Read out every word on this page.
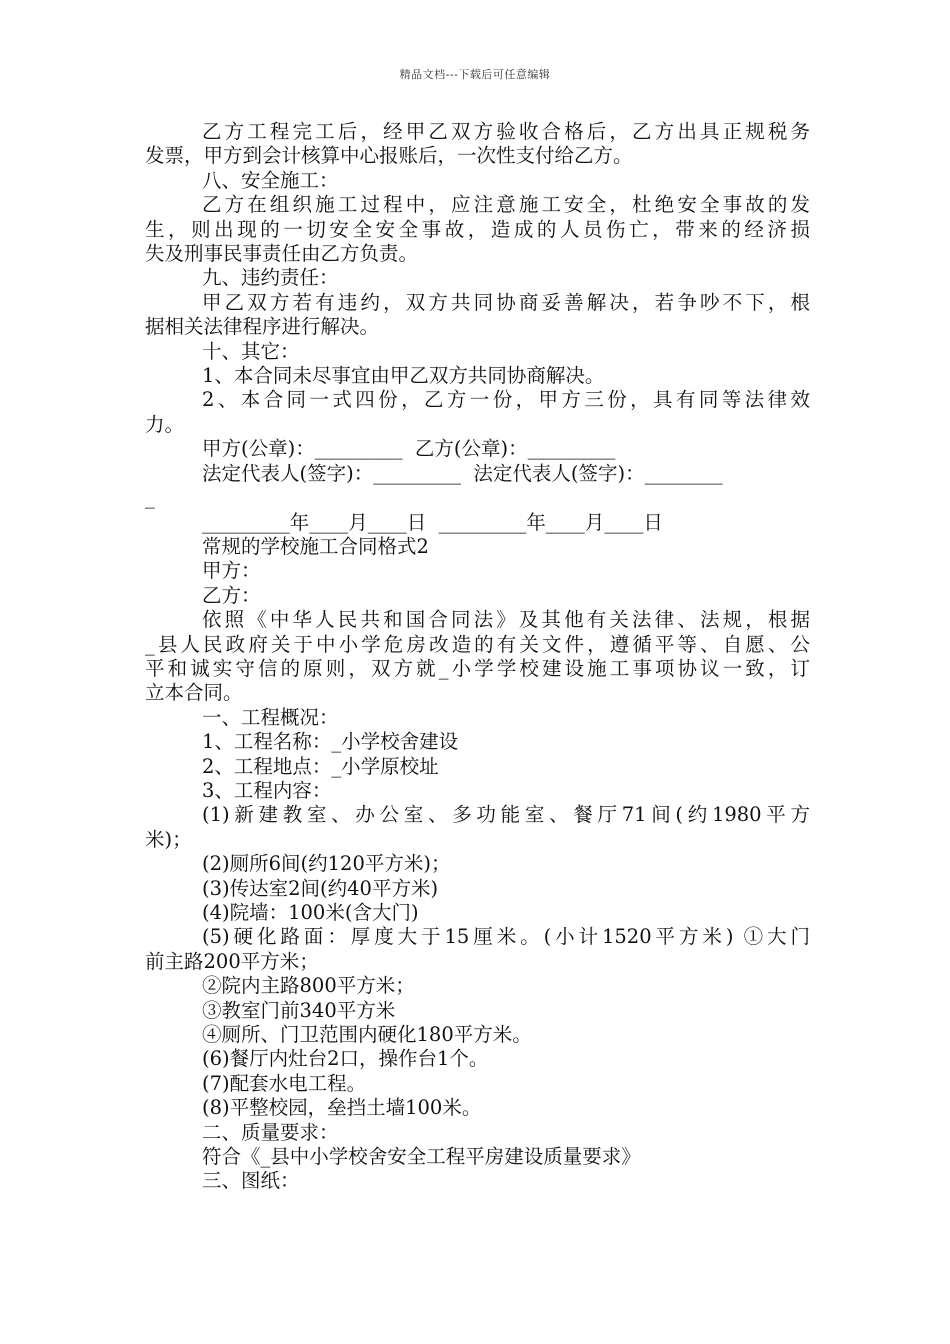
精品文档---下载后可任意编辑

乙方工程完工后，经甲乙双方验收合格后，乙方出具正规税务

发票，甲方到会计核算中心报账后，一次性支付给乙方。

八、安全施工：

乙方在组织施工过程中，应注意施工安全，杜绝安全事故的发

生，则出现的一切安全安全事故，造成的人员伤亡，带来的经济损

失及刑事民事责任由乙方负责。

九、违约责任：

甲乙双方若有违约，双方共同协商妥善解决，若争吵不下，根

据相关法律程序进行解决。

十、其它：

1、本合同未尽事宜由甲乙双方共同协商解决。

2、本合同一式四份，乙方一份，甲方三份，具有同等法律效

力。

甲方(公章)：_________  乙方(公章)：_________

法定代表人(签字)：_________  法定代表人(签字)：________

_

_________年____月____日  _________年____月____日

常规的学校施工合同格式2

甲方：

乙方：

依照《中华人民共和国合同法》及其他有关法律、法规，根据

_县人民政府关于中小学危房改造的有关文件，遵循平等、自愿、公

平和诚实守信的原则，双方就_小学学校建设施工事项协议一致，订

立本合同。

一、工程概况：

1、工程名称：_小学校舍建设

2、工程地点：_小学原校址

3、工程内容：

(1)新建教室、办公室、多功能室、餐厅71间(约1980平方

米)；

(2)厕所6间(约120平方米)；

(3)传达室2间(约40平方米)

(4)院墙：100米(含大门)

(5)硬化路面：厚度大于15厘米。(小计1520平方米) ①大门

前主路200平方米；

②院内主路800平方米；

③教室门前340平方米

④厕所、门卫范围内硬化180平方米。

(6)餐厅内灶台2口，操作台1个。

(7)配套水电工程。

(8)平整校园，垒挡土墙100米。

二、质量要求：

符合《_县中小学校舍安全工程平房建设质量要求》

三、图纸：
